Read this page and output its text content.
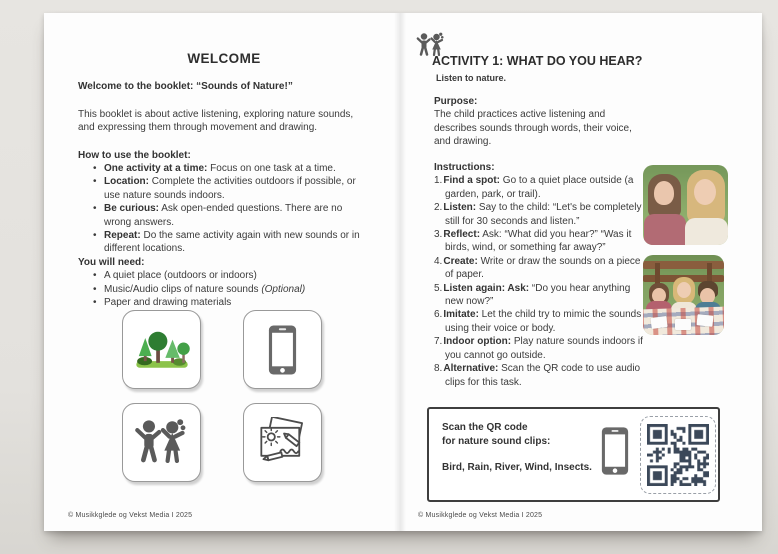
WELCOME

Welcome to the booklet: “Sounds of Nature!”

This booklet is about active listening, exploring nature sounds, and expressing them through movement and drawing.

How to use the booklet:

• One activity at a time: Focus on one task at a time.
• Location: Complete the activities outdoors if possible, or use nature sounds indoors.
• Be curious: Ask open-ended questions. There are no wrong answers.
• Repeat: Do the same activity again with new sounds or in different locations.

You will need:

• A quiet place (outdoors or indoors)
• Music/Audio clips of nature sounds (Optional)
• Paper and drawing materials
© Musikkglede og Vekst Media I 2025
ACTIVITY 1: WHAT DO YOU HEAR?
Listen to nature.
Purpose:
The child practices active listening and describes sounds through words, their voice, and drawing.
Instructions:
1.Find a spot: Go to a quiet place outside (a garden, park, or trail).
2.Listen: Say to the child: “Let's be completely still for 30 seconds and listen.”
3.Reflect: Ask: “What did you hear?” “Was it birds, wind, or something far away?”
4.Create: Write or draw the sounds on a piece of paper.
5.Listen again: Ask: “Do you hear anything new now?”
6.Imitate: Let the child try to mimic the sounds using their voice or body.
7.Indoor option: Play nature sounds indoors if you cannot go outside.
8.Alternative: Scan the QR code to use audio clips for this task.
Scan the QR code
for nature sound clips:
Bird, Rain, River, Wind, Insects.
© Musikkglede og Vekst Media I 2025
